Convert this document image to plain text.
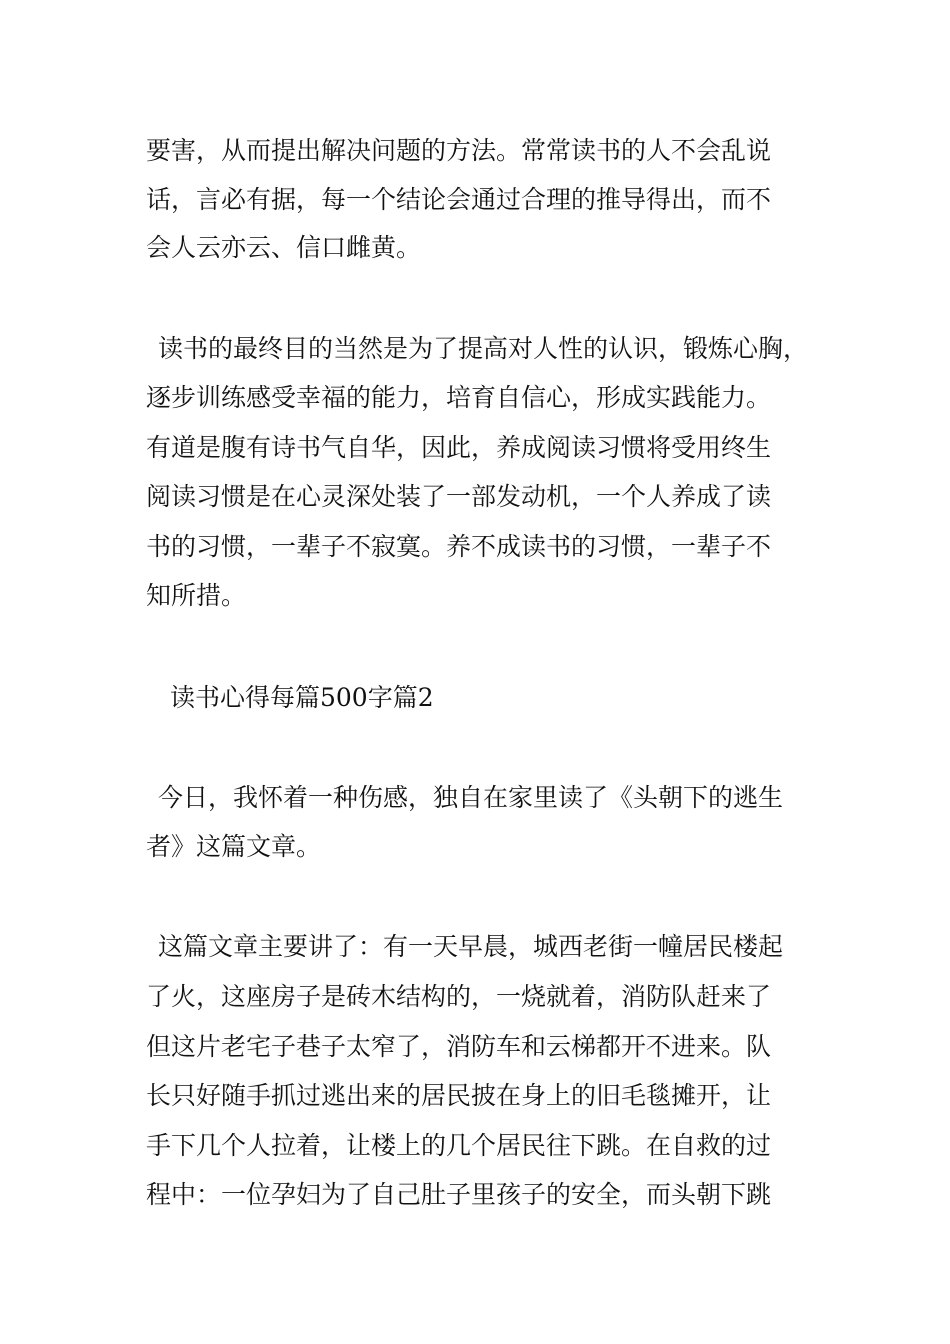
要害，从而提出解决问题的方法。常常读书的人不会乱说
话，言必有据，每一个结论会通过合理的推导得出，而不
会人云亦云、信口雌黄。
读书的最终目的当然是为了提高对人性的认识，锻炼心胸，
逐步训练感受幸福的能力，培育自信心，形成实践能力。
有道是腹有诗书气自华，因此，养成阅读习惯将受用终生
阅读习惯是在心灵深处装了一部发动机，一个人养成了读
书的习惯，一辈子不寂寞。养不成读书的习惯，一辈子不
知所措。
读书心得每篇500字篇2
今日，我怀着一种伤感，独自在家里读了《头朝下的逃生
者》这篇文章。
这篇文章主要讲了：有一天早晨，城西老街一幢居民楼起
了火，这座房子是砖木结构的，一烧就着，消防队赶来了
但这片老宅子巷子太窄了，消防车和云梯都开不进来。队
长只好随手抓过逃出来的居民披在身上的旧毛毯摊开，让
手下几个人拉着，让楼上的几个居民往下跳。在自救的过
程中：一位孕妇为了自己肚子里孩子的安全，而头朝下跳
